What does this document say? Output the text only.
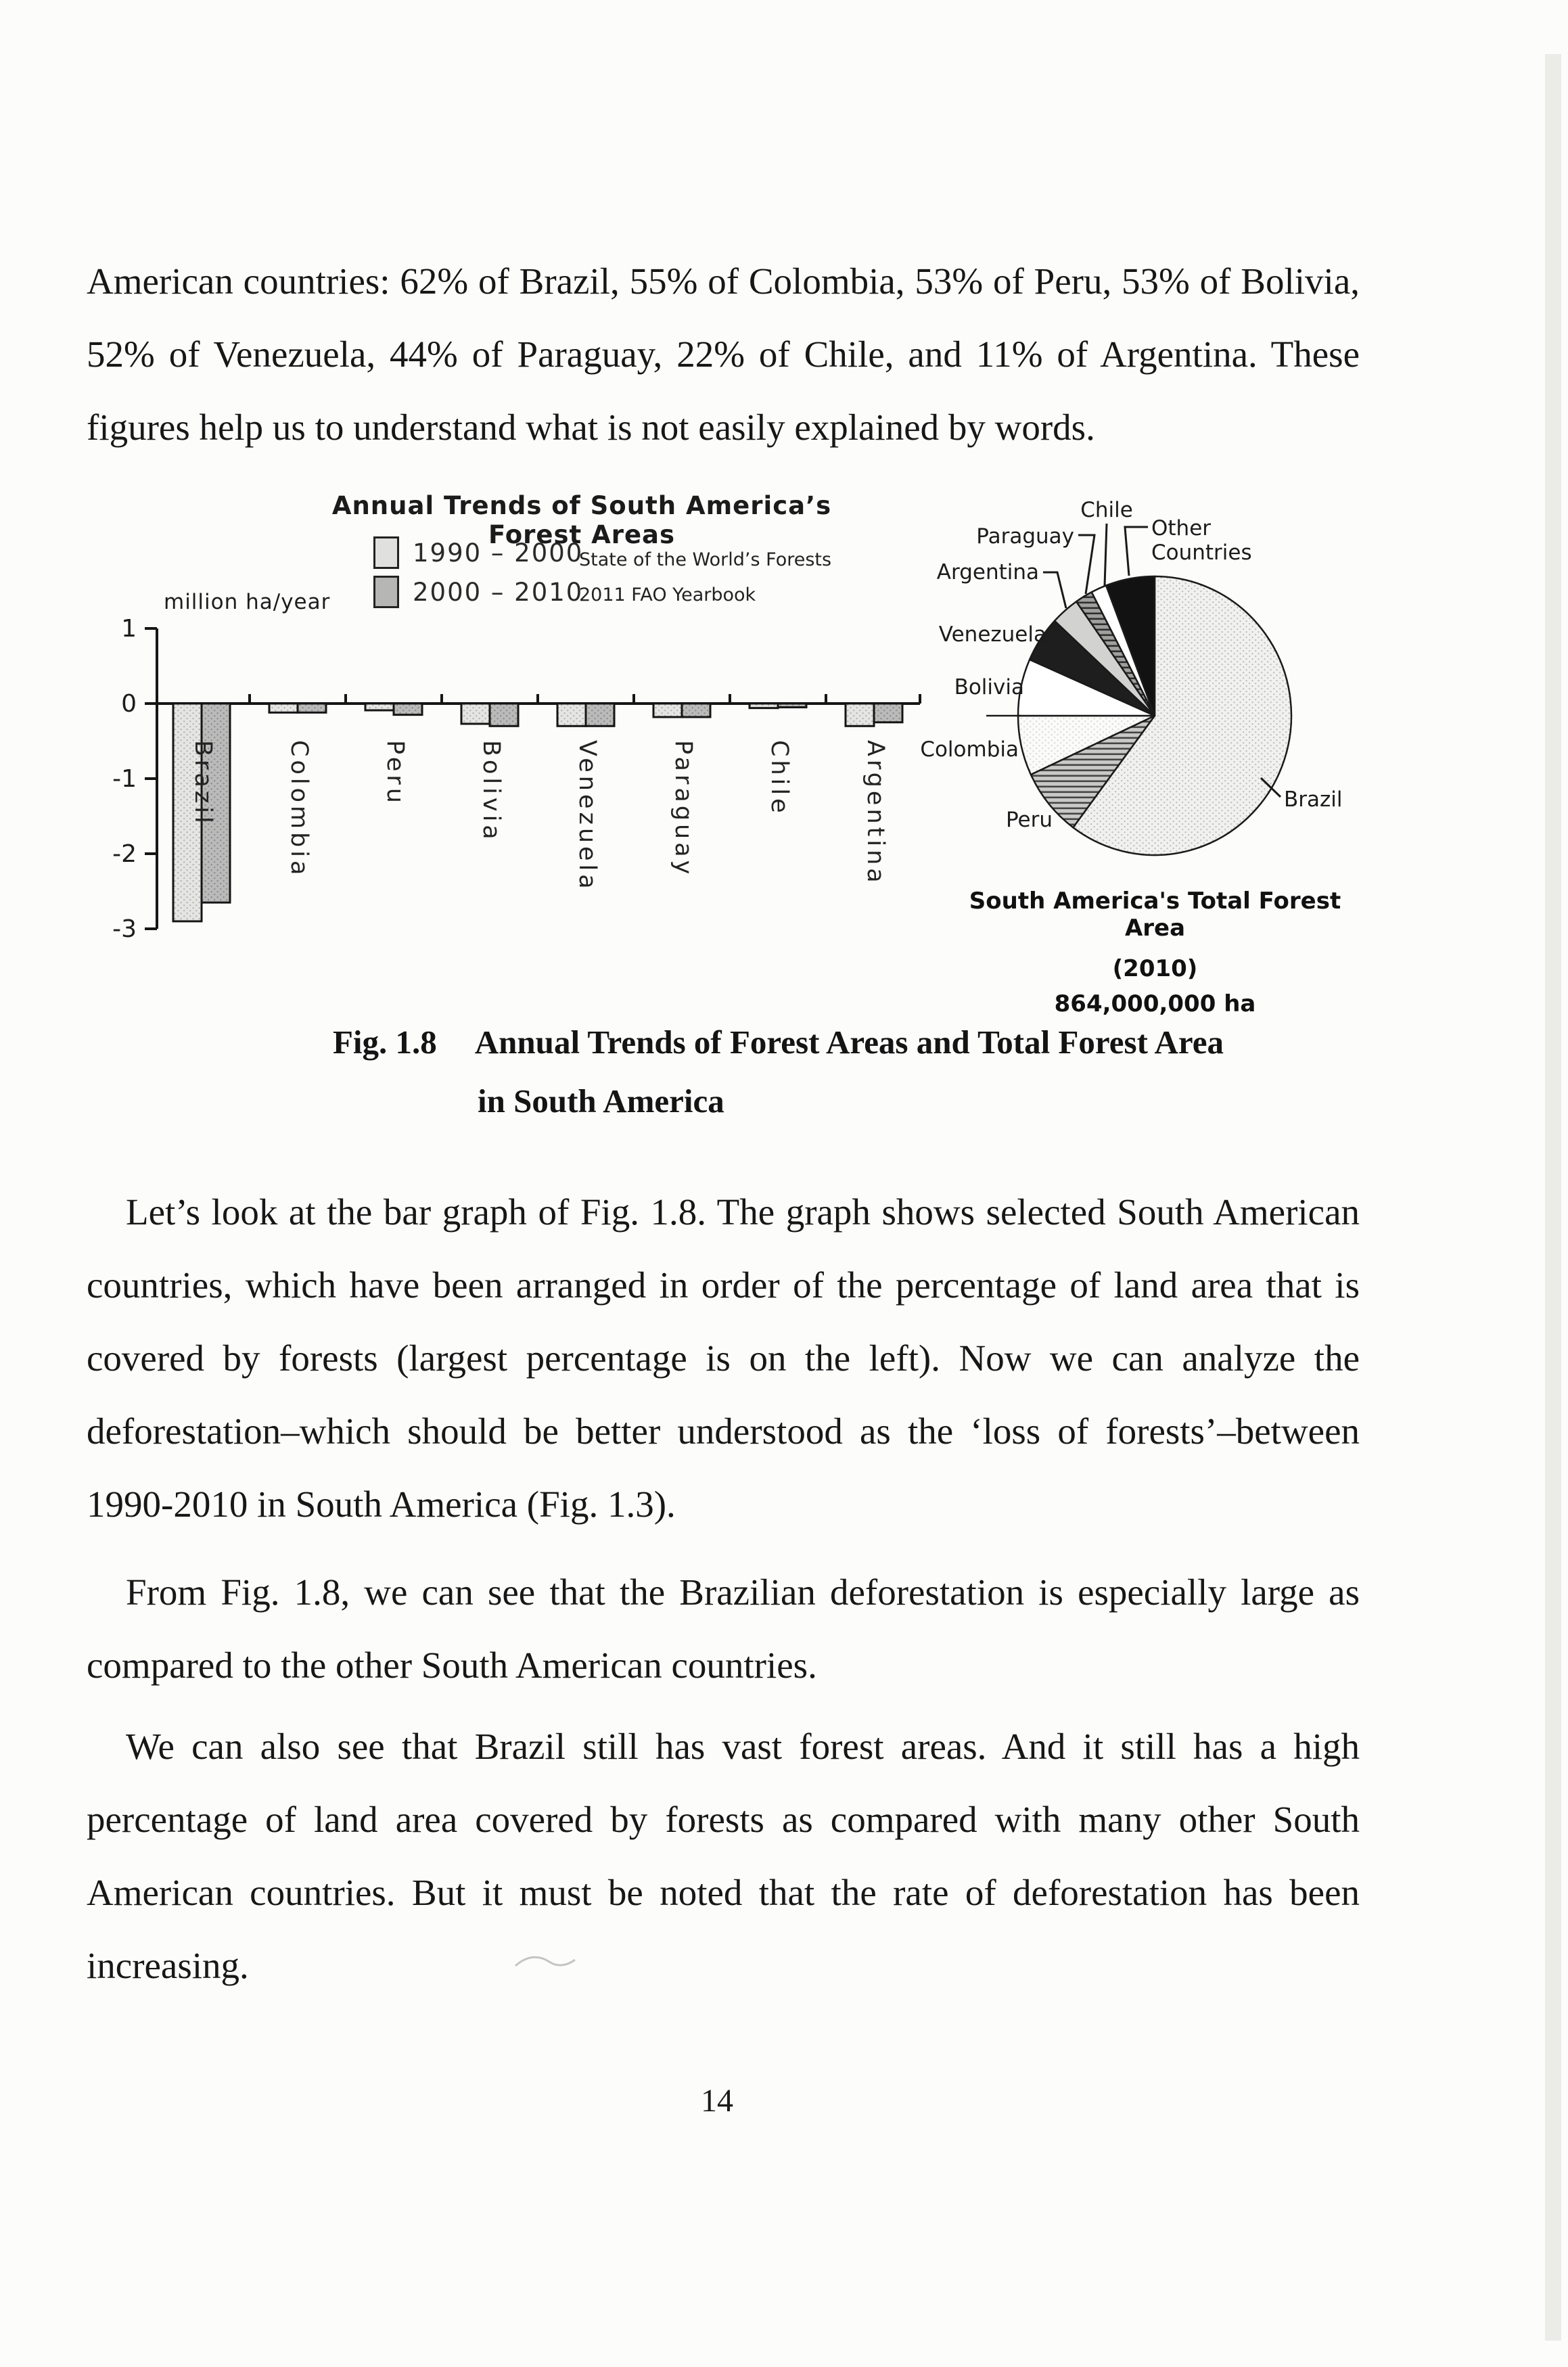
American countries: 62% of Brazil, 55% of Colombia, 53% of Peru, 53% of Bolivia, 52% of Venezuela, 44% of Paraguay, 22% of Chile, and 11% of Argentina. These figures help us to understand what is not easily explained by words.

1
0
-1
-2
-3
Brazil	Colombia	Peru	Bolivia	Venezuela	Paraguay	Chile	Argentina	Brazil
Peru
Colombia
Bolivia
Venezuela
Argentina
Paraguay
Chile
Other
Countries
Annual Trends of South America’s Forest Areas
1990 – 2000
2000 – 2010
State of the World’s Forests
2011 FAO Yearbook
million ha/year
South America's Total Forest Area
(2010)
864,000,000 ha
Fig. 1.8 Annual Trends of Forest Areas and Total Forest Area
in South America

Let’s look at the bar graph of Fig. 1.8. The graph shows selected South American countries, which have been arranged in order of the percentage of land area that is covered by forests (largest percentage is on the left). Now we can analyze the deforestation–which should be better understood as the ‘loss of forests’–between 1990-2010 in South America (Fig. 1.3).

From Fig. 1.8, we can see that the Brazilian deforestation is especially large as compared to the other South American countries.

We can also see that Brazil still has vast forest areas. And it still has a high percentage of land area covered by forests as compared with many other South American countries. But it must be noted that the rate of deforestation has been increasing.

14
